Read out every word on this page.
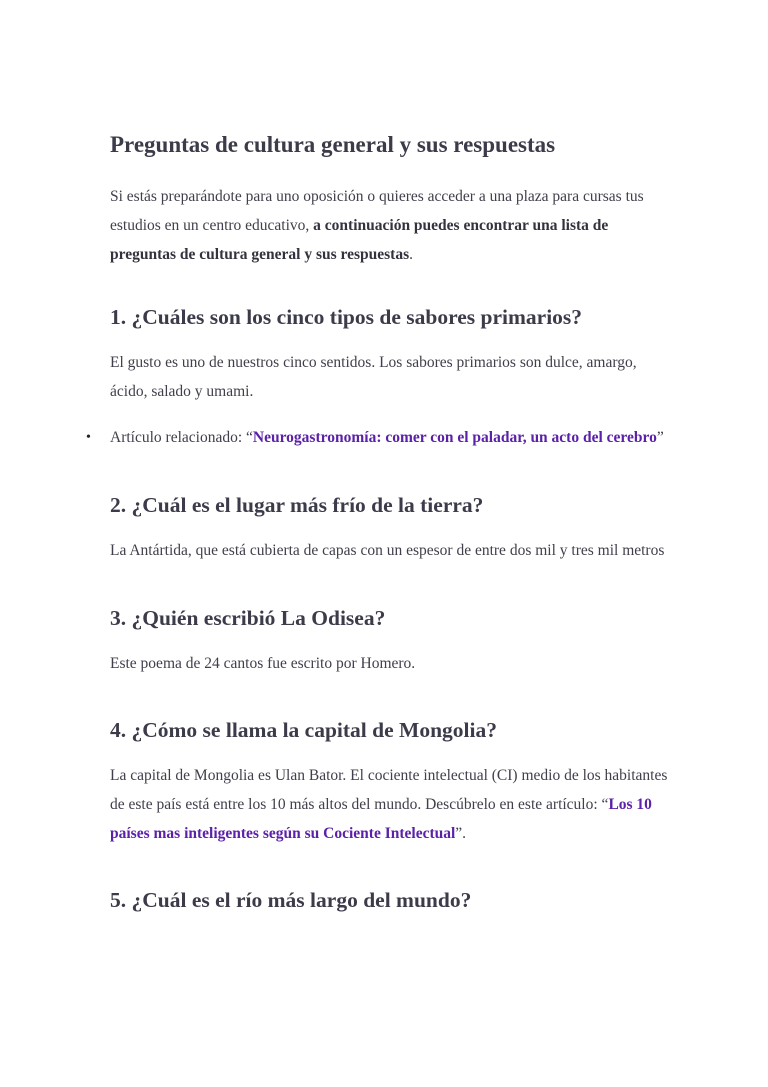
Preguntas de cultura general y sus respuestas

Si estás preparándote para uno oposición o quieres acceder a una plaza para cursas tus estudios en un centro educativo, a continuación puedes encontrar una lista de preguntas de cultura general y sus respuestas.

1. ¿Cuáles son los cinco tipos de sabores primarios?

El gusto es uno de nuestros cinco sentidos. Los sabores primarios son dulce, amargo, ácido, salado y umami.

• Artículo relacionado: “Neurogastronomía: comer con el paladar, un acto del cerebro”

2. ¿Cuál es el lugar más frío de la tierra?

La Antártida, que está cubierta de capas con un espesor de entre dos mil y tres mil metros

3. ¿Quién escribió La Odisea?

Este poema de 24 cantos fue escrito por Homero.

4. ¿Cómo se llama la capital de Mongolia?

La capital de Mongolia es Ulan Bator. El cociente intelectual (CI) medio de los habitantes de este país está entre los 10 más altos del mundo. Descúbrelo en este artículo: “Los 10 países mas inteligentes según su Cociente Intelectual”.

5. ¿Cuál es el río más largo del mundo?
